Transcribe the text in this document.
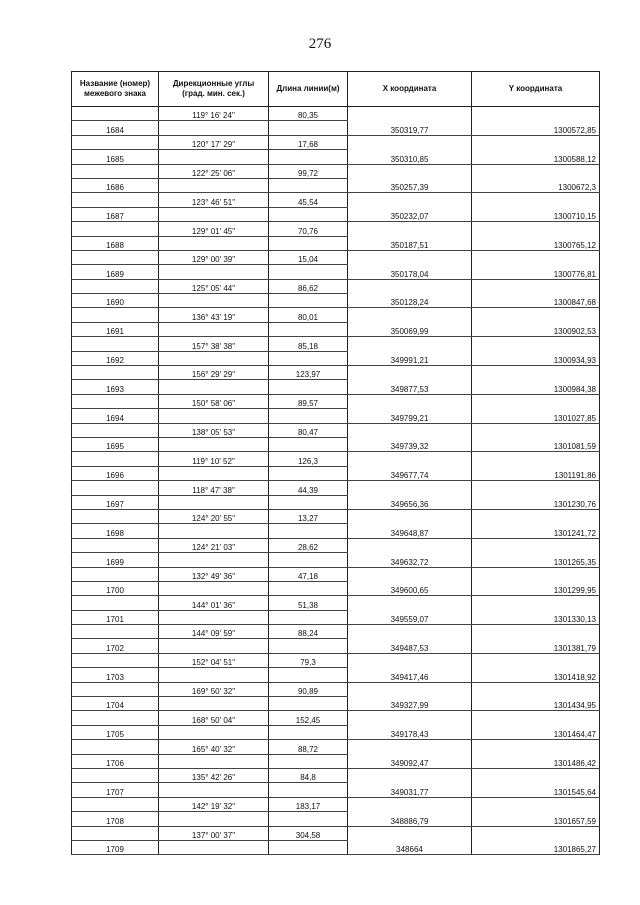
276
Название (номер) межевого знака	Дирекционные углы (град. мин. сек.)	Длина линии(м)	X координата	Y координата
	119° 16' 24"	80,35		
1684			350319,77	1300572,85
	120° 17' 29"	17,68		
1685			350310,85	1300588,12
	122° 25' 06"	99,72		
1686			350257,39	1300672,3
	123° 46' 51"	45,54		
1687			350232,07	1300710,15
	129° 01' 45"	70,76		
1688			350187,51	1300765,12
	129° 00' 39"	15,04		
1689			350178,04	1300776,81
	125° 05' 44"	86,62		
1690			350128,24	1300847,68
	136° 43' 19"	80,01		
1691			350069,99	1300902,53
	157° 38' 38"	85,18		
1692			349991,21	1300934,93
	156° 29' 29"	123,97		
1693			349877,53	1300984,38
	150° 58' 06"	89,57		
1694			349799,21	1301027,85
	138° 05' 53"	80,47		
1695			349739,32	1301081,59
	119° 10' 52"	126,3		
1696			349677,74	1301191,86
	118° 47' 38"	44,39		
1697			349656,36	1301230,76
	124° 20' 55"	13,27		
1698			349648,87	1301241,72
	124° 21' 03"	28,62		
1699			349632,72	1301265,35
	132° 49' 36"	47,18		
1700			349600,65	1301299,95
	144° 01' 36"	51,38		
1701			349559,07	1301330,13
	144° 09' 59"	88,24		
1702			349487,53	1301381,79
	152° 04' 51"	79,3		
1703			349417,46	1301418,92
	169° 50' 32"	90,89		
1704			349327,99	1301434,95
	168° 50' 04"	152,45		
1705			349178,43	1301464,47
	165° 40' 32"	88,72		
1706			349092,47	1301486,42
	135° 42' 26"	84,8		
1707			349031,77	1301545,64
	142° 19' 32"	183,17		
1708			348886,79	1301657,59
	137° 00' 37"	304,58		
1709			348664	1301865,27
